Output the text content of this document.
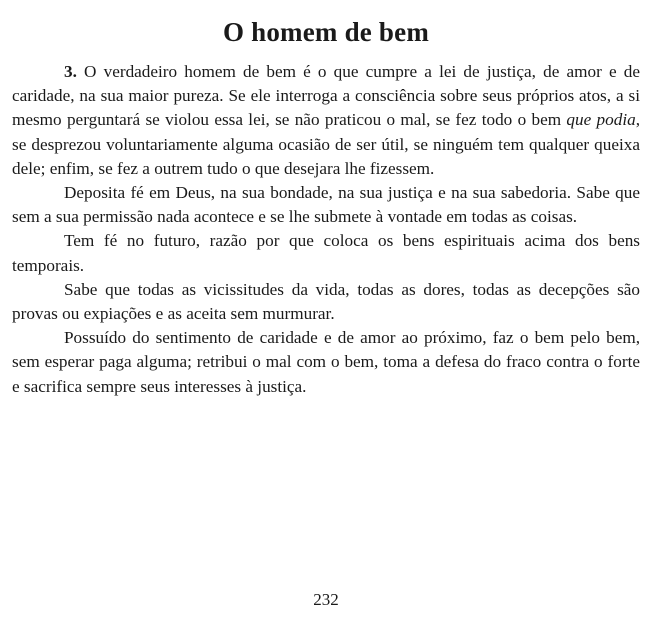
O homem de bem

3. O verdadeiro homem de bem é o que cumpre a lei de justiça, de amor e de caridade, na sua maior pureza. Se ele interroga a consciência sobre seus próprios atos, a si mesmo perguntará se violou essa lei, se não praticou o mal, se fez todo o bem que podia, se desprezou voluntariamente alguma ocasião de ser útil, se ninguém tem qualquer queixa dele; enfim, se fez a outrem tudo o que desejara lhe fizessem.

Deposita fé em Deus, na sua bondade, na sua justiça e na sua sabedoria. Sabe que sem a sua permissão nada acontece e se lhe submete à vontade em todas as coisas.

Tem fé no futuro, razão por que coloca os bens espirituais acima dos bens temporais.

Sabe que todas as vicissitudes da vida, todas as dores, todas as decepções são provas ou expiações e as aceita sem murmurar.

Possuído do sentimento de caridade e de amor ao próximo, faz o bem pelo bem, sem esperar paga alguma; retribui o mal com o bem, toma a defesa do fraco contra o forte e sacrifica sempre seus interesses à justiça.

232
